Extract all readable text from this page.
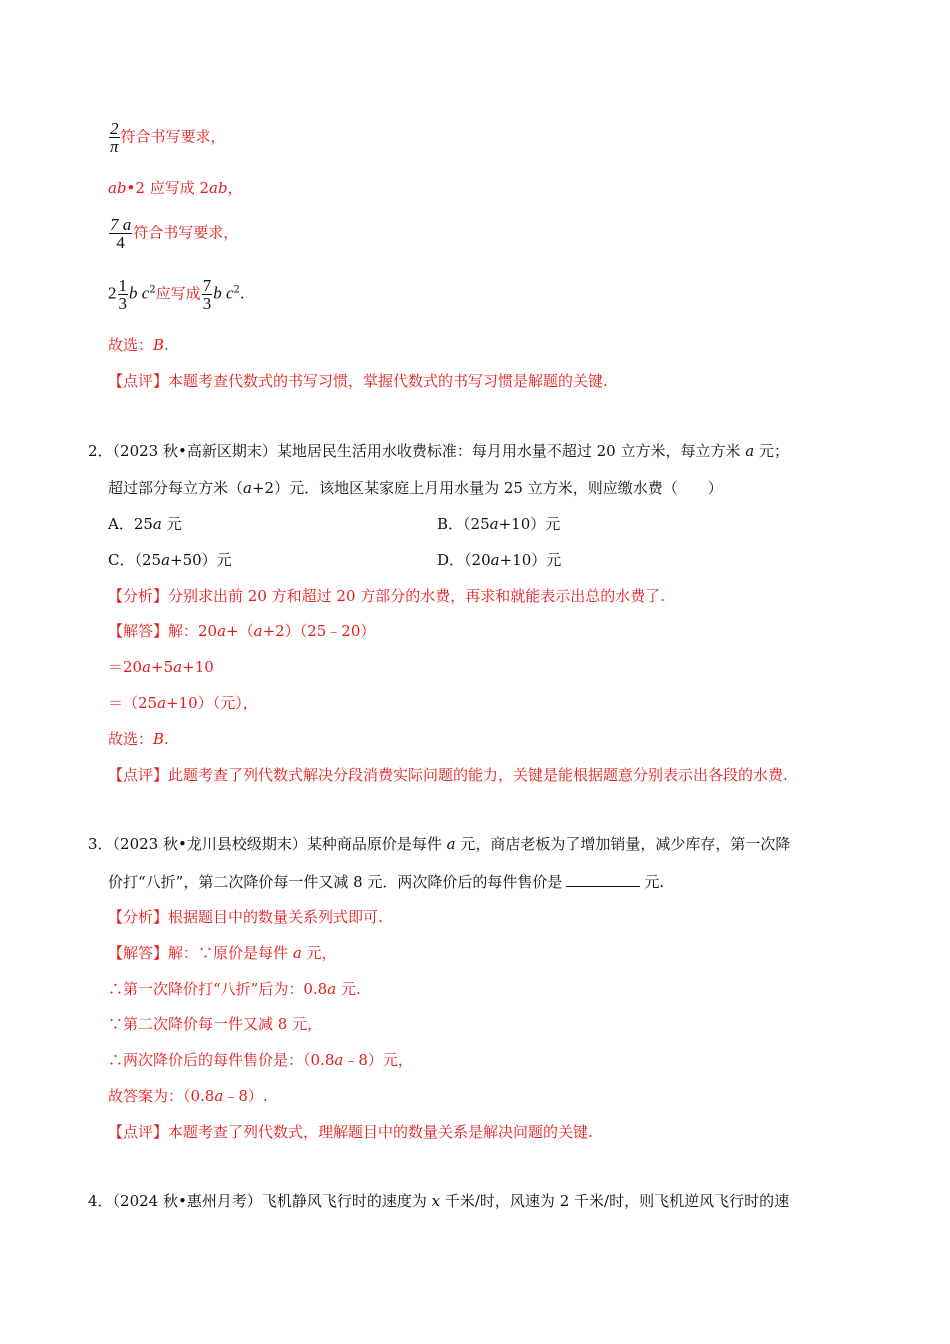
$\frac{2}{\pi}$ 符合书写要求，
ab•2 应写成 2ab，
$\frac{7 a}{4}$ 符合书写要求，
$2 \frac{1}{3}$ b $c^2$应写成 $\frac{7}{3}$ b $c^2$.
故选：B.
【点评】本题考查代数式的书写习惯，掌握代数式的书写习惯是解题的关键.
2．（2023 秋•高新区期末）某地居民生活用水收费标准：每月用水量不超过 20 立方米，每立方米 a 元；
超过部分每立方米（a+2）元．该地区某家庭上月用水量为 25 立方米，则应缴水费（　　）
A．25a 元	B．（25a+10）元
C．（25a+50）元	D．（20a+10）元
【分析】分别求出前 20 方和超过 20 方部分的水费，再求和就能表示出总的水费了.
【解答】解：20a+（a+2）（25﹣20）
＝20a+5a+10
＝（25a+10）（元），
故选：B.
【点评】此题考查了列代数式解决分段消费实际问题的能力，关键是能根据题意分别表示出各段的水费.
3．（2023 秋•龙川县校级期末）某种商品原价是每件 a 元，商店老板为了增加销量，减少库存，第一次降
价打“八折”，第二次降价每一件又减 8 元．两次降价后的每件售价是	元.
【分析】根据题目中的数量关系列式即可.
【解答】解：∵原价是每件 a 元，
∴第一次降价打“八折”后为：0.8a 元.
∵第二次降价每一件又减 8 元，
∴两次降价后的每件售价是：（0.8a﹣8）元，
故答案为：（0.8a﹣8）.
【点评】本题考查了列代数式，理解题目中的数量关系是解决问题的关键.
4．（2024 秋•惠州月考）飞机静风飞行时的速度为 x 千米/时，风速为 2 千米/时，则飞机逆风飞行时的速
